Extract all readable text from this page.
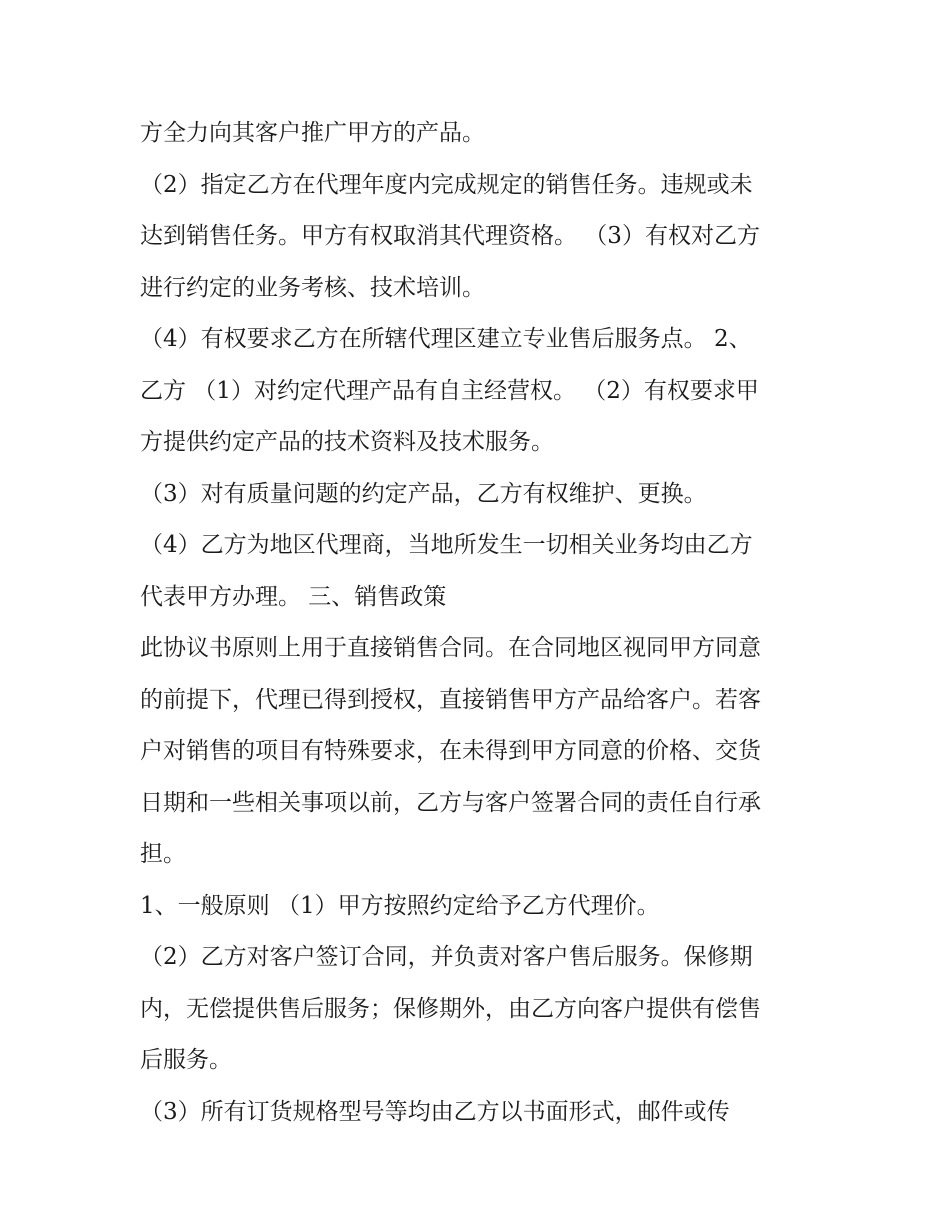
方全力向其客户推广甲方的产品。
（2）指定乙方在代理年度内完成规定的销售任务。违规或未
达到销售任务。甲方有权取消其代理资格。 （3）有权对乙方
进行约定的业务考核、技术培训。
（4）有权要求乙方在所辖代理区建立专业售后服务点。 2、
乙方 （1）对约定代理产品有自主经营权。 （2）有权要求甲
方提供约定产品的技术资料及技术服务。
（3）对有质量问题的约定产品，乙方有权维护、更换。
（4）乙方为地区代理商，当地所发生一切相关业务均由乙方
代表甲方办理。 三、销售政策
此协议书原则上用于直接销售合同。在合同地区视同甲方同意
的前提下，代理已得到授权，直接销售甲方产品给客户。若客
户对销售的项目有特殊要求，在未得到甲方同意的价格、交货
日期和一些相关事项以前，乙方与客户签署合同的责任自行承
担。
1、一般原则 （1）甲方按照约定给予乙方代理价。
（2）乙方对客户签订合同，并负责对客户售后服务。保修期
内，无偿提供售后服务；保修期外，由乙方向客户提供有偿售
后服务。
（3）所有订货规格型号等均由乙方以书面形式，邮件或传
